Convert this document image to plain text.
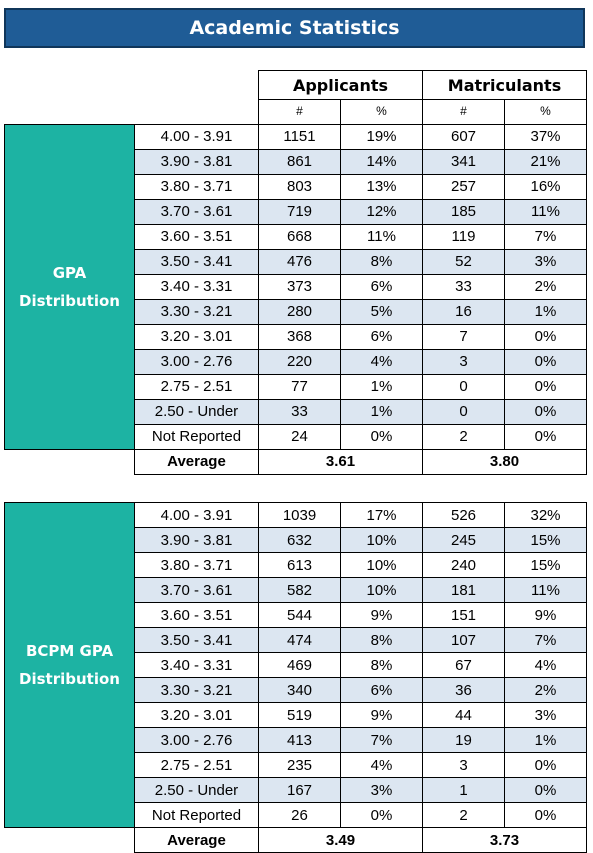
Academic Statistics
		Applicants		Matriculants	
		#	%	#	%

GPA
Distribution	4.00 - 3.91	1151	19%	607	37%
	3.90 - 3.81	861	14%	341	21%
	3.80 - 3.71	803	13%	257	16%
	3.70 - 3.61	719	12%	185	11%
	3.60 - 3.51	668	11%	119	7%
	3.50 - 3.41	476	8%	52	3%
	3.40 - 3.31	373	6%	33	2%
	3.30 - 3.21	280	5%	16	1%
	3.20 - 3.01	368	6%	7	0%
	3.00 - 2.76	220	4%	3	0%
	2.75 - 2.51	77	1%	0	0%
	2.50 - Under	33	1%	0	0%
	Not Reported	24	0%	2	0%
	Average	3.61		3.80	
BCPM GPA
Distribution	4.00 - 3.91	1039	17%	526	32%
	3.90 - 3.81	632	10%	245	15%
	3.80 - 3.71	613	10%	240	15%
	3.70 - 3.61	582	10%	181	11%
	3.60 - 3.51	544	9%	151	9%
	3.50 - 3.41	474	8%	107	7%
	3.40 - 3.31	469	8%	67	4%
	3.30 - 3.21	340	6%	36	2%
	3.20 - 3.01	519	9%	44	3%
	3.00 - 2.76	413	7%	19	1%
	2.75 - 2.51	235	4%	3	0%
	2.50 - Under	167	3%	1	0%
	Not Reported	26	0%	2	0%
	Average	3.49		3.73	
